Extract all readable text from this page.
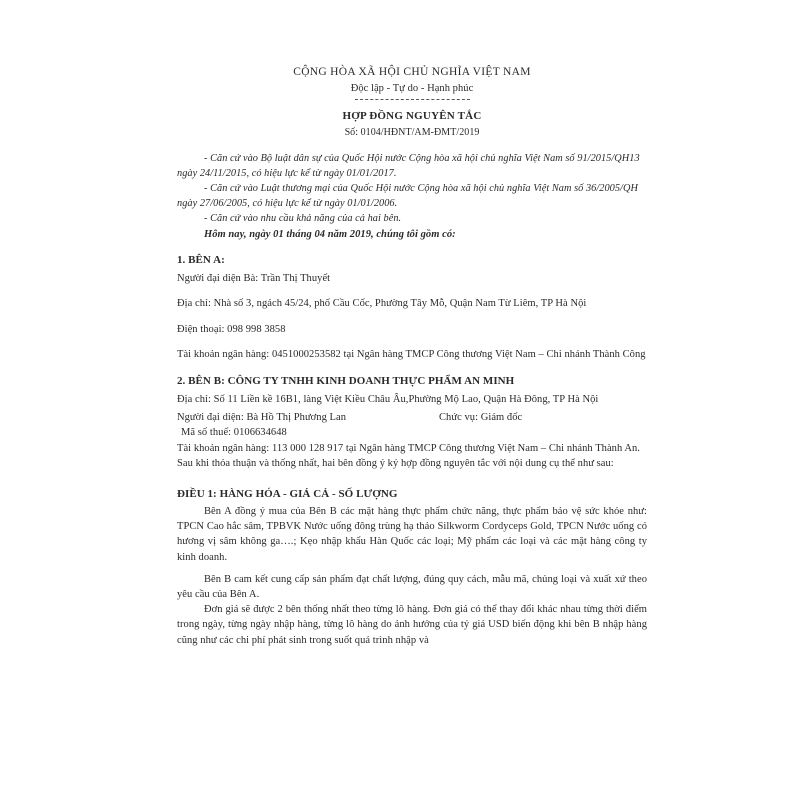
CỘNG HÒA XÃ HỘI CHỦ NGHĨA VIỆT NAM
Độc lập - Tự do - Hạnh phúc
HỢP ĐỒNG NGUYÊN TẮC
Số: 0104/HĐNT/AM-ĐMT/2019

- Căn cứ vào Bộ luật dân sự của Quốc Hội nước Cộng hòa xã hội chủ nghĩa Việt Nam số 91/2015/QH13 ngày 24/11/2015, có hiệu lực kể từ ngày 01/01/2017.

- Căn cứ vào Luật thương mại của Quốc Hội nước Cộng hòa xã hội chủ nghĩa Việt Nam số 36/2005/QH ngày 27/06/2005, có hiệu lực kể từ ngày 01/01/2006.

- Căn cứ vào nhu cầu khả năng của cả hai bên.

Hôm nay, ngày 01 tháng 04 năm 2019, chúng tôi gồm có:

1. BÊN A:

Người đại diện Bà: Trần Thị Thuyết

Địa chỉ: Nhà số 3, ngách 45/24, phố Cầu Cốc, Phường Tây Mỗ, Quận Nam Từ Liêm, TP Hà Nội

Điện thoại: 098 998 3858

Tài khoản ngân hàng: 0451000253582 tại Ngân hàng TMCP Công thương Việt Nam – Chi nhánh Thành Công

2. BÊN B: CÔNG TY TNHH KINH DOANH THỰC PHẨM AN MINH

Địa chỉ: Số 11 Liền kề 16B1, làng Việt Kiều Châu Âu,Phường Mộ Lao, Quận Hà Đông, TP Hà Nội

Người đại diện: Bà Hồ Thị Phương Lan	Chức vụ: Giám đốc

Mã số thuế: 0106634648

Tài khoản ngân hàng: 113 000 128 917 tại Ngân hàng TMCP Công thương Việt Nam – Chi nhánh Thành An.

Sau khi thỏa thuận và thống nhất, hai bên đồng ý ký hợp đồng nguyên tắc với nội dung cụ thể như sau:

ĐIỀU 1: HÀNG HÓA - GIÁ CẢ - SỐ LƯỢNG

Bên A đồng ý mua của Bên B các mặt hàng thực phẩm chức năng, thực phẩm bảo vệ sức khỏe như: TPCN Cao hắc sâm, TPBVK Nước uống đông trùng hạ thảo Silkworm Cordyceps Gold, TPCN Nước uống có hương vị sâm không ga….; Kẹo nhập khẩu Hàn Quốc các loại; Mỹ phẩm các loại và các mặt hàng công ty kinh doanh.

Bên B cam kết cung cấp sản phẩm đạt chất lượng, đúng quy cách, mẫu mã, chủng loại và xuất xứ theo yêu cầu của Bên A.

Đơn giá sẽ được 2 bên thống nhất theo từng lô hàng. Đơn giá có thể thay đổi khác nhau từng thời điểm trong ngày, từng ngày nhập hàng, từng lô hàng do ảnh hưởng của tỷ giá USD biến động khi bên B nhập hàng cũng như các chi phí phát sinh trong suốt quá trình nhập và
